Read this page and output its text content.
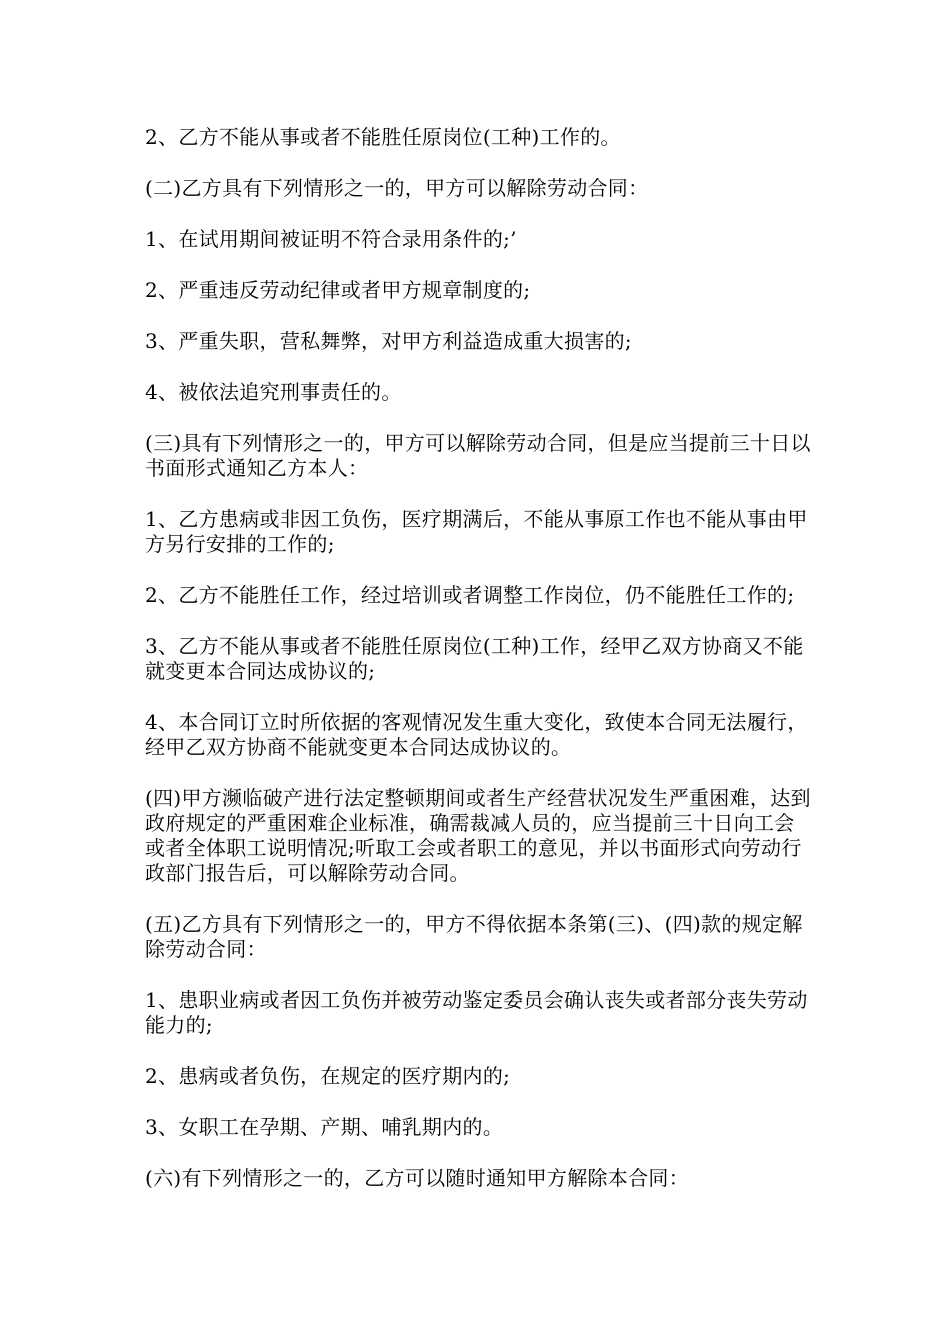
2、乙方不能从事或者不能胜任原岗位(工种)工作的。

(二)乙方具有下列情形之一的，甲方可以解除劳动合同：

1、在试用期间被证明不符合录用条件的;’

2、严重违反劳动纪律或者甲方规章制度的;

3、严重失职，营私舞弊，对甲方利益造成重大损害的;

4、被依法追究刑事责任的。

(三)具有下列情形之一的，甲方可以解除劳动合同，但是应当提前三十日以书面形式通知乙方本人：

1、乙方患病或非因工负伤，医疗期满后，不能从事原工作也不能从事由甲方另行安排的工作的;

2、乙方不能胜任工作，经过培训或者调整工作岗位，仍不能胜任工作的;

3、乙方不能从事或者不能胜任原岗位(工种)工作，经甲乙双方协商又不能就变更本合同达成协议的;

4、本合同订立时所依据的客观情况发生重大变化，致使本合同无法履行，经甲乙双方协商不能就变更本合同达成协议的。

(四)甲方濒临破产进行法定整顿期间或者生产经营状况发生严重困难，达到政府规定的严重困难企业标准，确需裁减人员的，应当提前三十日向工会或者全体职工说明情况;听取工会或者职工的意见，并以书面形式向劳动行政部门报告后，可以解除劳动合同。

(五)乙方具有下列情形之一的，甲方不得依据本条第(三)、(四)款的规定解除劳动合同：

1、患职业病或者因工负伤并被劳动鉴定委员会确认丧失或者部分丧失劳动能力的;

2、患病或者负伤，在规定的医疗期内的;

3、女职工在孕期、产期、哺乳期内的。

(六)有下列情形之一的，乙方可以随时通知甲方解除本合同：
